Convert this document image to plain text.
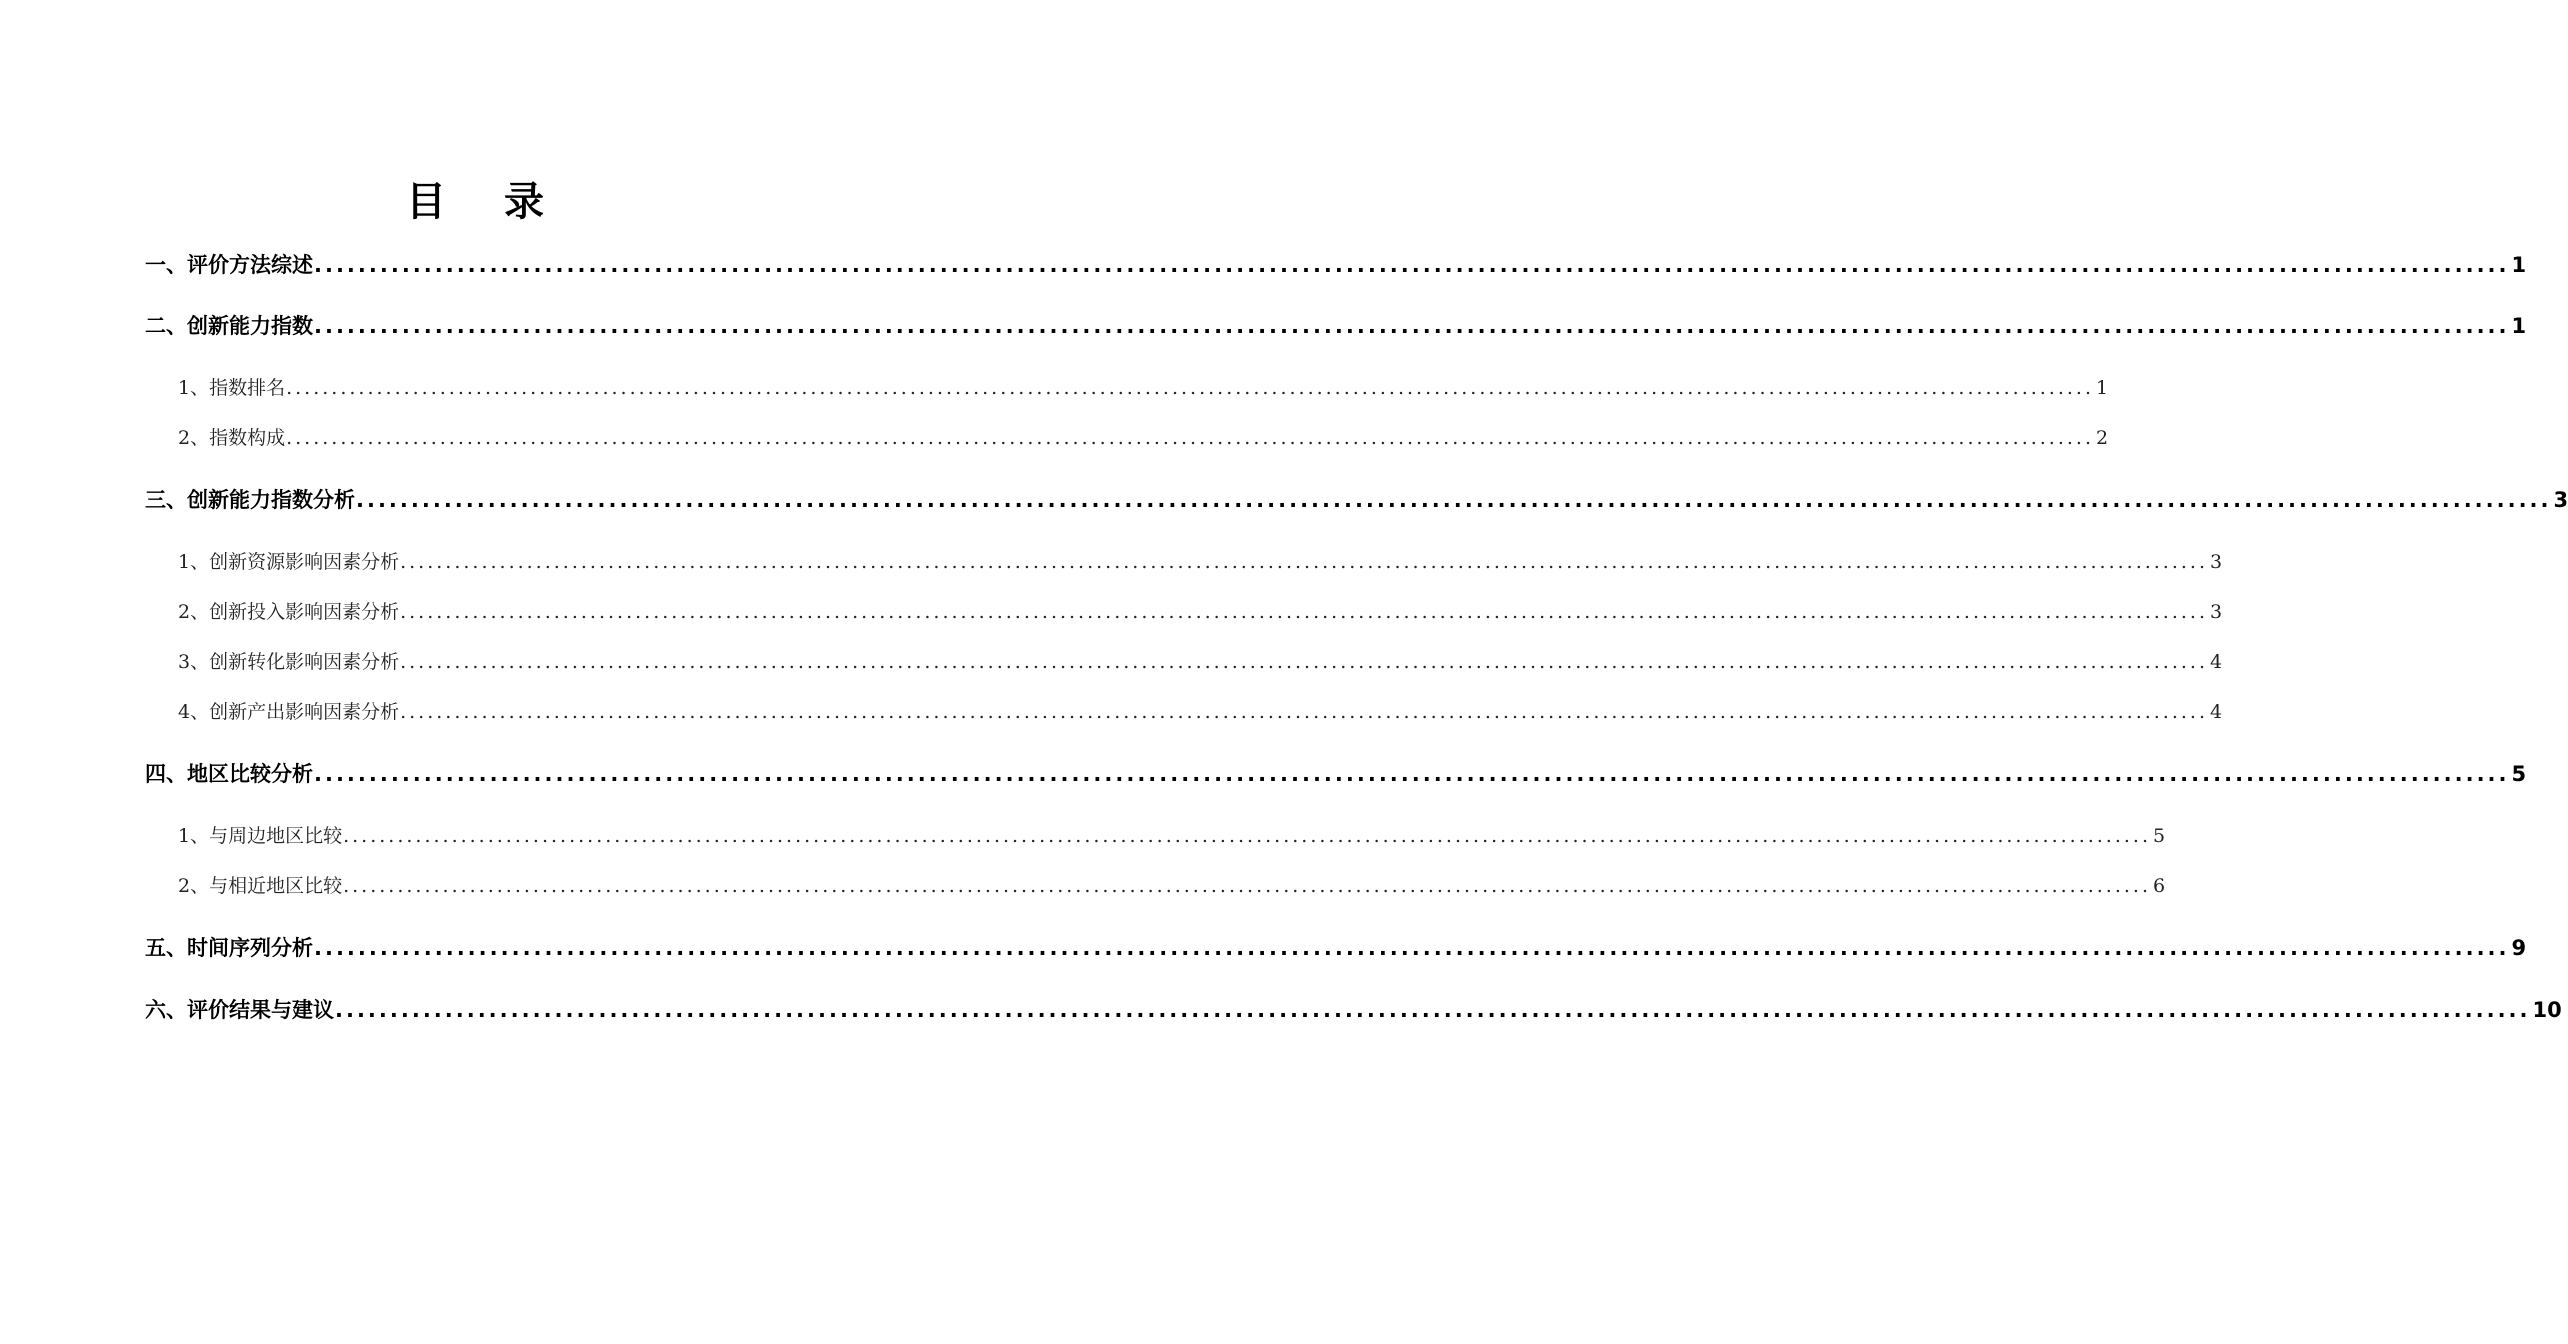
目 录
一、评价方法综述 ........................................................................................................................................................................................................ 1
二、创新能力指数 ........................................................................................................................................................................................................ 1
1、指数排名 ........................................................................................................................................................................................................ 1
2、指数构成 ........................................................................................................................................................................................................ 2
三、创新能力指数分析 ........................................................................................................................................................................................................ 3
1、创新资源影响因素分析 ........................................................................................................................................................................................................ 3
2、创新投入影响因素分析 ........................................................................................................................................................................................................ 3
3、创新转化影响因素分析 ........................................................................................................................................................................................................ 4
4、创新产出影响因素分析 ........................................................................................................................................................................................................ 4
四、地区比较分析 ........................................................................................................................................................................................................ 5
1、与周边地区比较 ........................................................................................................................................................................................................ 5
2、与相近地区比较 ........................................................................................................................................................................................................ 6
五、时间序列分析 ........................................................................................................................................................................................................ 9
六、评价结果与建议 ........................................................................................................................................................................................................ 10
